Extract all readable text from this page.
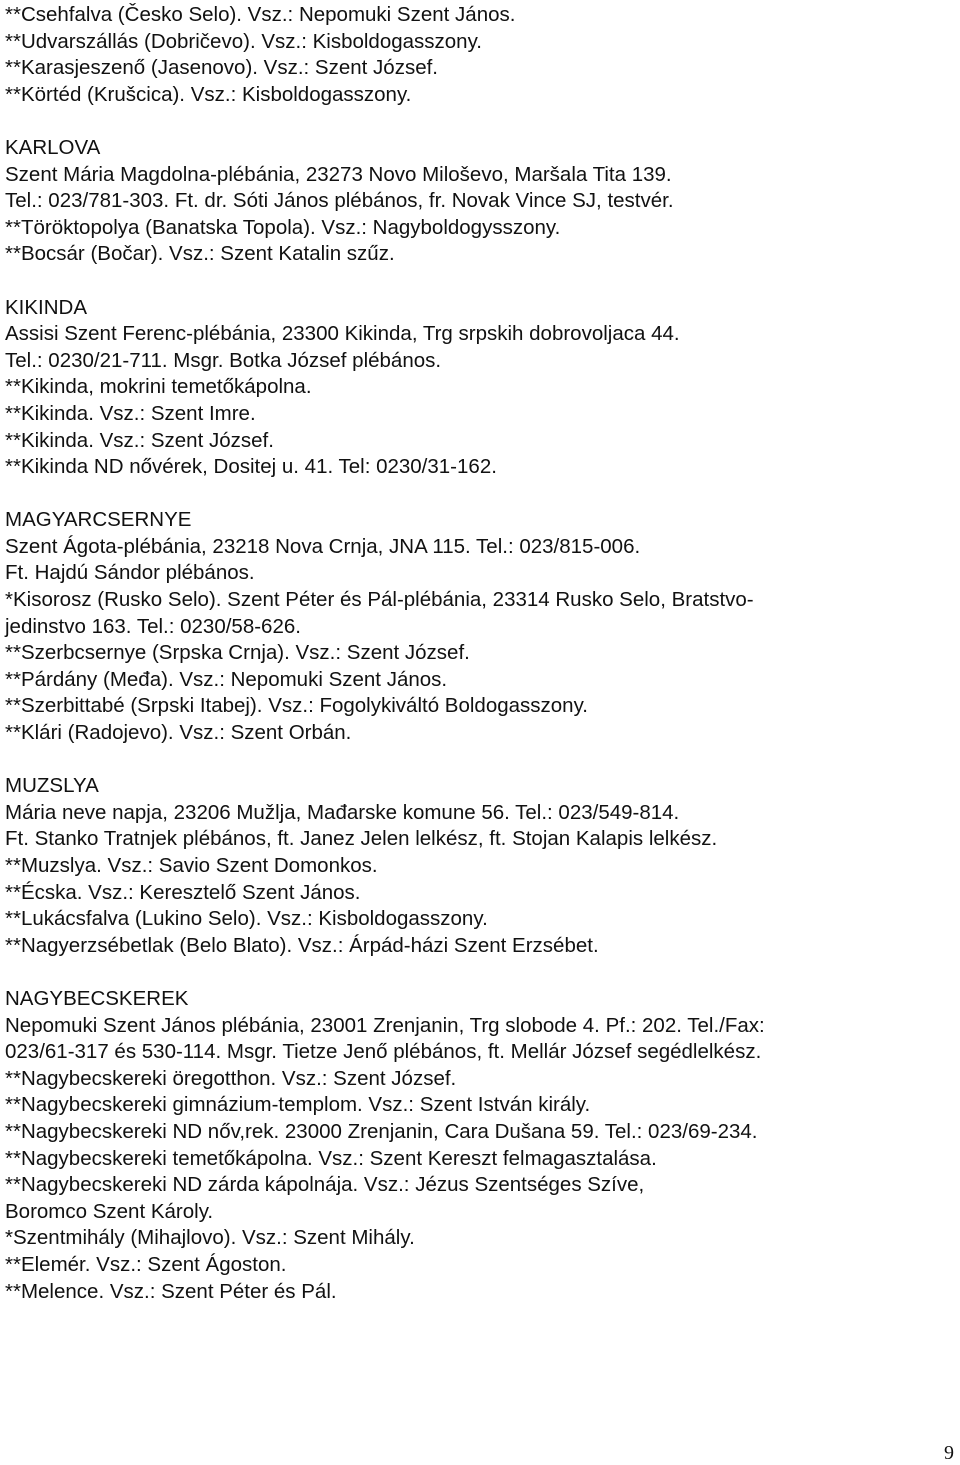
**Csehfalva (Česko Selo). Vsz.: Nepomuki Szent János.
**Udvarszállás (Dobričevo). Vsz.: Kisboldogasszony.
**Karasjeszenő (Jasenovo). Vsz.: Szent József.
**Körtéd (Krušcica). Vsz.: Kisboldogasszony.
KARLOVA
Szent Mária Magdolna-plébánia, 23273 Novo Miloševo, Maršala Tita 139.
Tel.: 023/781-303. Ft. dr. Sóti János plébános, fr. Novak Vince SJ, testvér.
**Töröktopolya (Banatska Topola). Vsz.: Nagyboldogysszony.
**Bocsár (Bočar). Vsz.: Szent Katalin szűz.
KIKINDA
Assisi Szent Ferenc-plébánia, 23300 Kikinda, Trg srpskih dobrovoljaca 44.
Tel.: 0230/21-711. Msgr. Botka József plébános.
**Kikinda, mokrini temetőkápolna.
**Kikinda. Vsz.: Szent Imre.
**Kikinda. Vsz.: Szent József.
**Kikinda ND nővérek, Dositej u. 41. Tel: 0230/31-162.
MAGYARCSERNYE
Szent Ágota-plébánia, 23218 Nova Crnja, JNA 115. Tel.: 023/815-006.
Ft. Hajdú Sándor plébános.
*Kisorosz (Rusko Selo). Szent Péter és Pál-plébánia, 23314 Rusko Selo, Bratstvo-
jedinstvo 163. Tel.: 0230/58-626.
**Szerbcsernye (Srpska Crnja). Vsz.: Szent József.
**Párdány (Međa). Vsz.: Nepomuki Szent János.
**Szerbittabé (Srpski Itabej). Vsz.: Fogolykiváltó Boldogasszony.
**Klári (Radojevo). Vsz.: Szent Orbán.
MUZSLYA
Mária neve napja, 23206 Mužlja, Mađarske komune 56. Tel.: 023/549-814.
Ft. Stanko Tratnjek plébános, ft. Janez Jelen lelkész, ft. Stojan Kalapis lelkész.
**Muzslya. Vsz.: Savio Szent Domonkos.
**Écska. Vsz.: Keresztelő Szent János.
**Lukácsfalva (Lukino Selo). Vsz.: Kisboldogasszony.
**Nagyerzsébetlak (Belo Blato). Vsz.: Árpád-házi Szent Erzsébet.
NAGYBECSKEREK
Nepomuki Szent János plébánia, 23001 Zrenjanin, Trg slobode 4. Pf.: 202. Tel./Fax:
023/61-317 és 530-114. Msgr. Tietze Jenő plébános, ft. Mellár József segédlelkész.
**Nagybecskereki öregotthon. Vsz.: Szent József.
**Nagybecskereki gimnázium-templom. Vsz.: Szent István király.
**Nagybecskereki ND nőv,rek. 23000 Zrenjanin, Cara Dušana 59. Tel.: 023/69-234.
**Nagybecskereki temetőkápolna. Vsz.: Szent Kereszt felmagasztalása.
**Nagybecskereki ND zárda kápolnája. Vsz.: Jézus Szentséges Szíve,
Boromco Szent Károly.
*Szentmihály (Mihajlovo). Vsz.: Szent Mihály.
**Elemér. Vsz.: Szent Ágoston.
**Melence. Vsz.: Szent Péter és Pál.
9
